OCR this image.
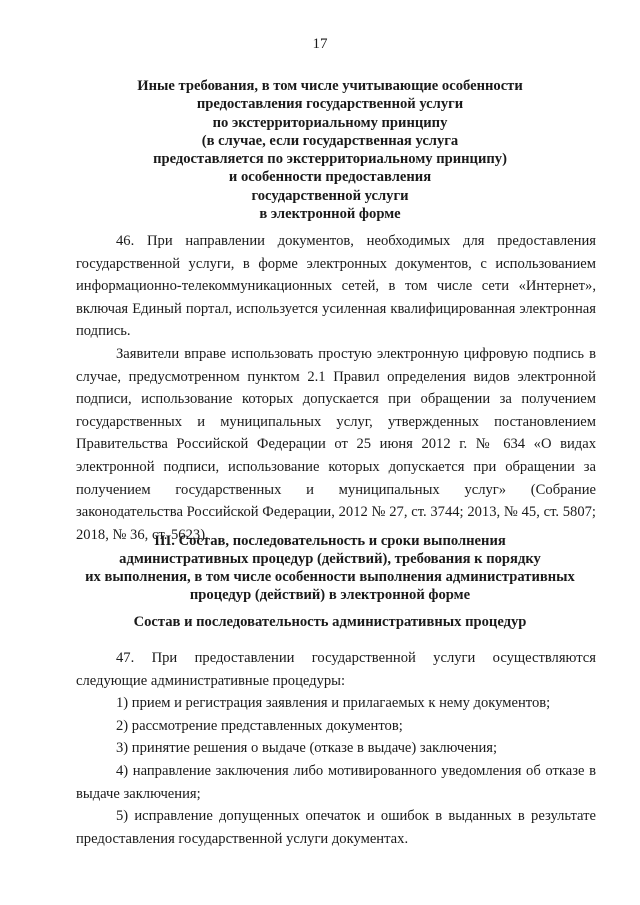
17
Иные требования, в том числе учитывающие особенности
предоставления государственной услуги
по экстерриториальному принципу
(в случае, если государственная услуга
предоставляется по экстерриториальному принципу)
и особенности предоставления
государственной услуги
в электронной форме

46. При направлении документов, необходимых для предоставления государственной услуги, в форме электронных документов, с использованием информационно-телекоммуникационных сетей, в том числе сети «Интернет», включая Единый портал, используется усиленная квалифицированная электронная подпись.

Заявители вправе использовать простую электронную цифровую подпись в случае, предусмотренном пунктом 2.1 Правил определения видов электронной подписи, использование которых допускается при обращении за получением государственных и муниципальных услуг, утвержденных постановлением Правительства Российской Федерации от 25 июня 2012 г. № 634 «О видах электронной подписи, использование которых допускается при обращении за получением государственных и муниципальных услуг» (Собрание законодательства Российской Федерации, 2012 № 27, ст. 3744; 2013, № 45, ст. 5807; 2018, № 36, ст. 5623).

III. Состав, последовательность и сроки выполнения
административных процедур (действий), требования к порядку
их выполнения, в том числе особенности выполнения административных
процедур (действий) в электронной форме
Состав и последовательность административных процедур

47. При предоставлении государственной услуги осуществляются следующие административные процедуры:

1) прием и регистрация заявления и прилагаемых к нему документов;

2) рассмотрение представленных документов;

3) принятие решения о выдаче (отказе в выдаче) заключения;

4) направление заключения либо мотивированного уведомления об отказе в выдаче заключения;

5) исправление допущенных опечаток и ошибок в выданных в результате предоставления государственной услуги документах.
